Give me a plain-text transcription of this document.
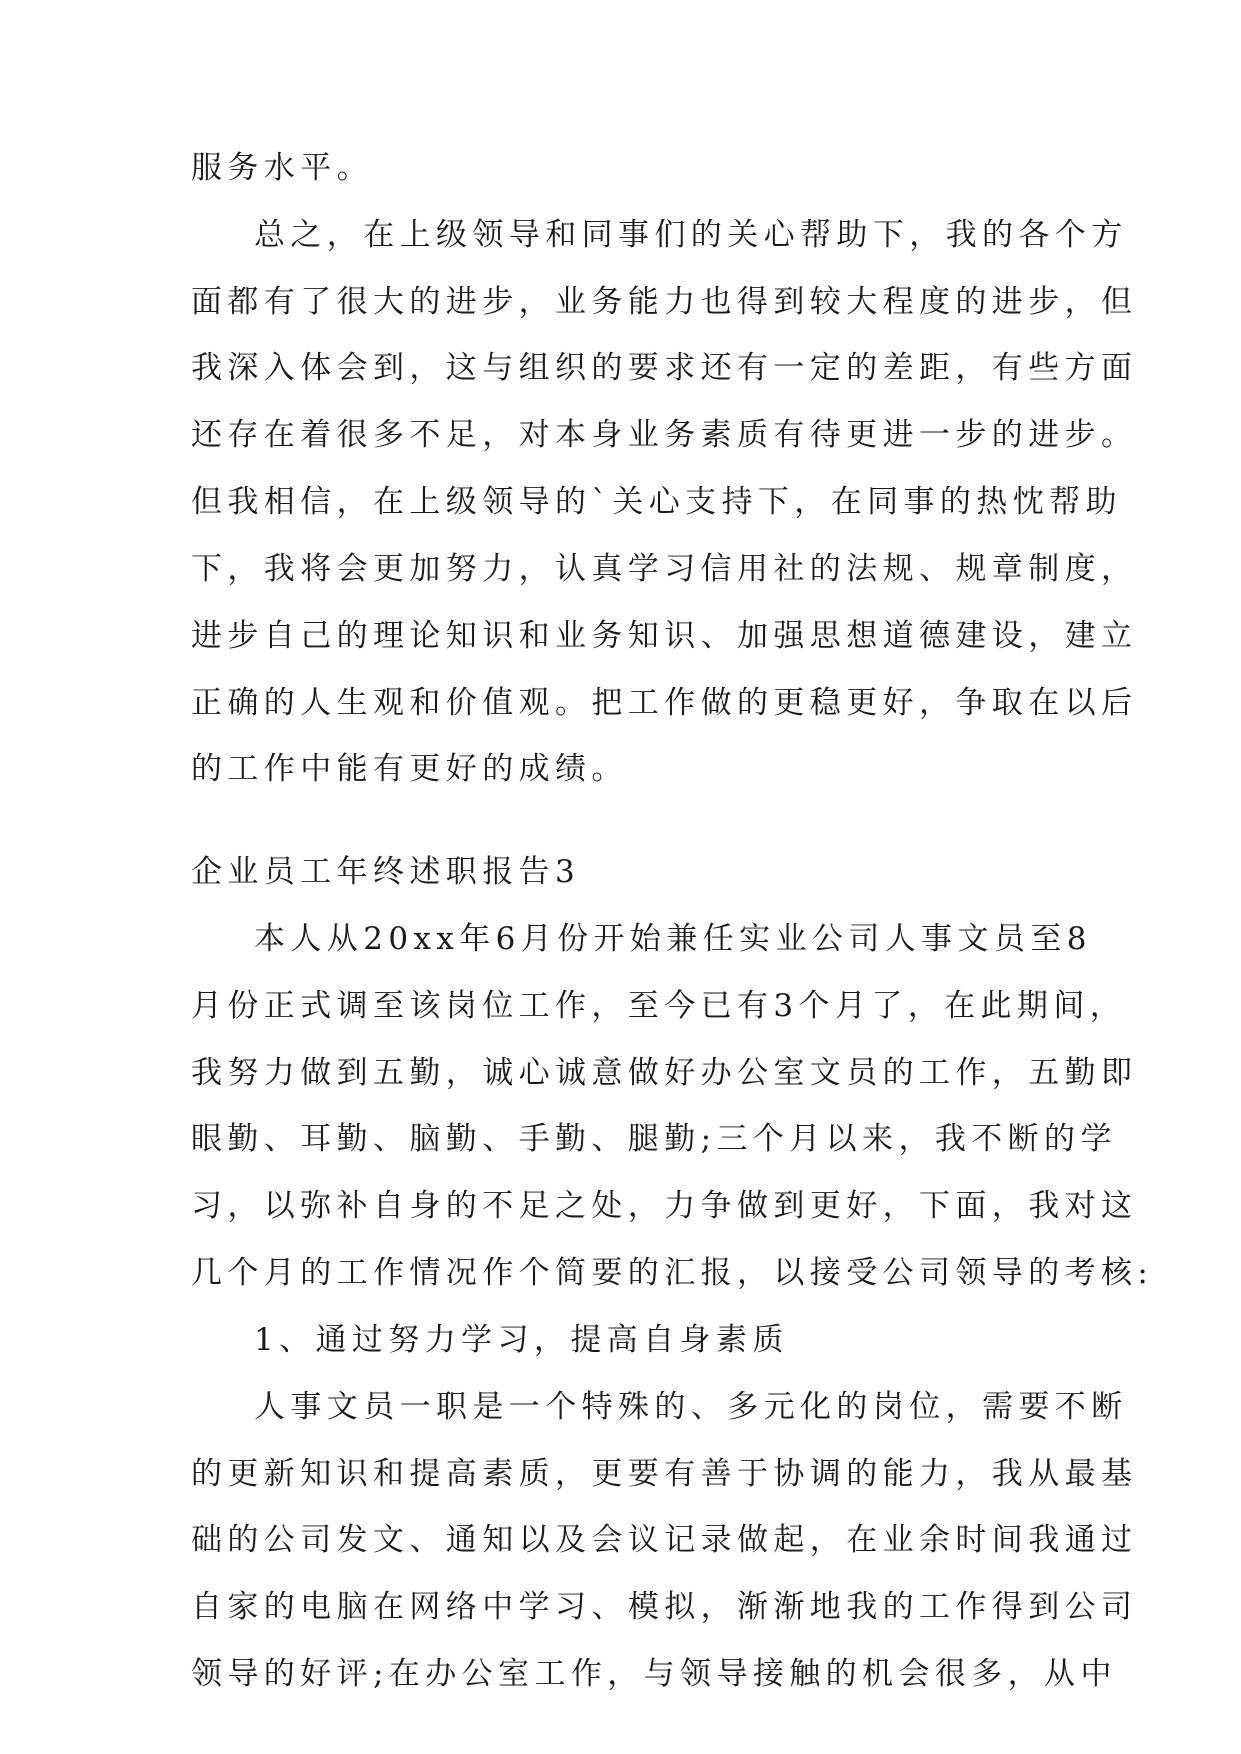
服务水平。
总之，在上级领导和同事们的关心帮助下，我的各个方
面都有了很大的进步，业务能力也得到较大程度的进步，但
我深入体会到，这与组织的要求还有一定的差距，有些方面
还存在着很多不足，对本身业务素质有待更进一步的进步。
但我相信，在上级领导的`关心支持下，在同事的热忱帮助
下，我将会更加努力，认真学习信用社的法规、规章制度，
进步自己的理论知识和业务知识、加强思想道德建设，建立
正确的人生观和价值观。把工作做的更稳更好，争取在以后
的工作中能有更好的成绩。
企业员工年终述职报告3
本人从20xx年6月份开始兼任实业公司人事文员至8
月份正式调至该岗位工作，至今已有3个月了，在此期间，
我努力做到五勤，诚心诚意做好办公室文员的工作，五勤即
眼勤、耳勤、脑勤、手勤、腿勤;三个月以来，我不断的学
习，以弥补自身的不足之处，力争做到更好，下面，我对这
几个月的工作情况作个简要的汇报，以接受公司领导的考核:
1、通过努力学习，提高自身素质
人事文员一职是一个特殊的、多元化的岗位，需要不断
的更新知识和提高素质，更要有善于协调的能力，我从最基
础的公司发文、通知以及会议记录做起，在业余时间我通过
自家的电脑在网络中学习、模拟，渐渐地我的工作得到公司
领导的好评;在办公室工作，与领导接触的机会很多，从中
